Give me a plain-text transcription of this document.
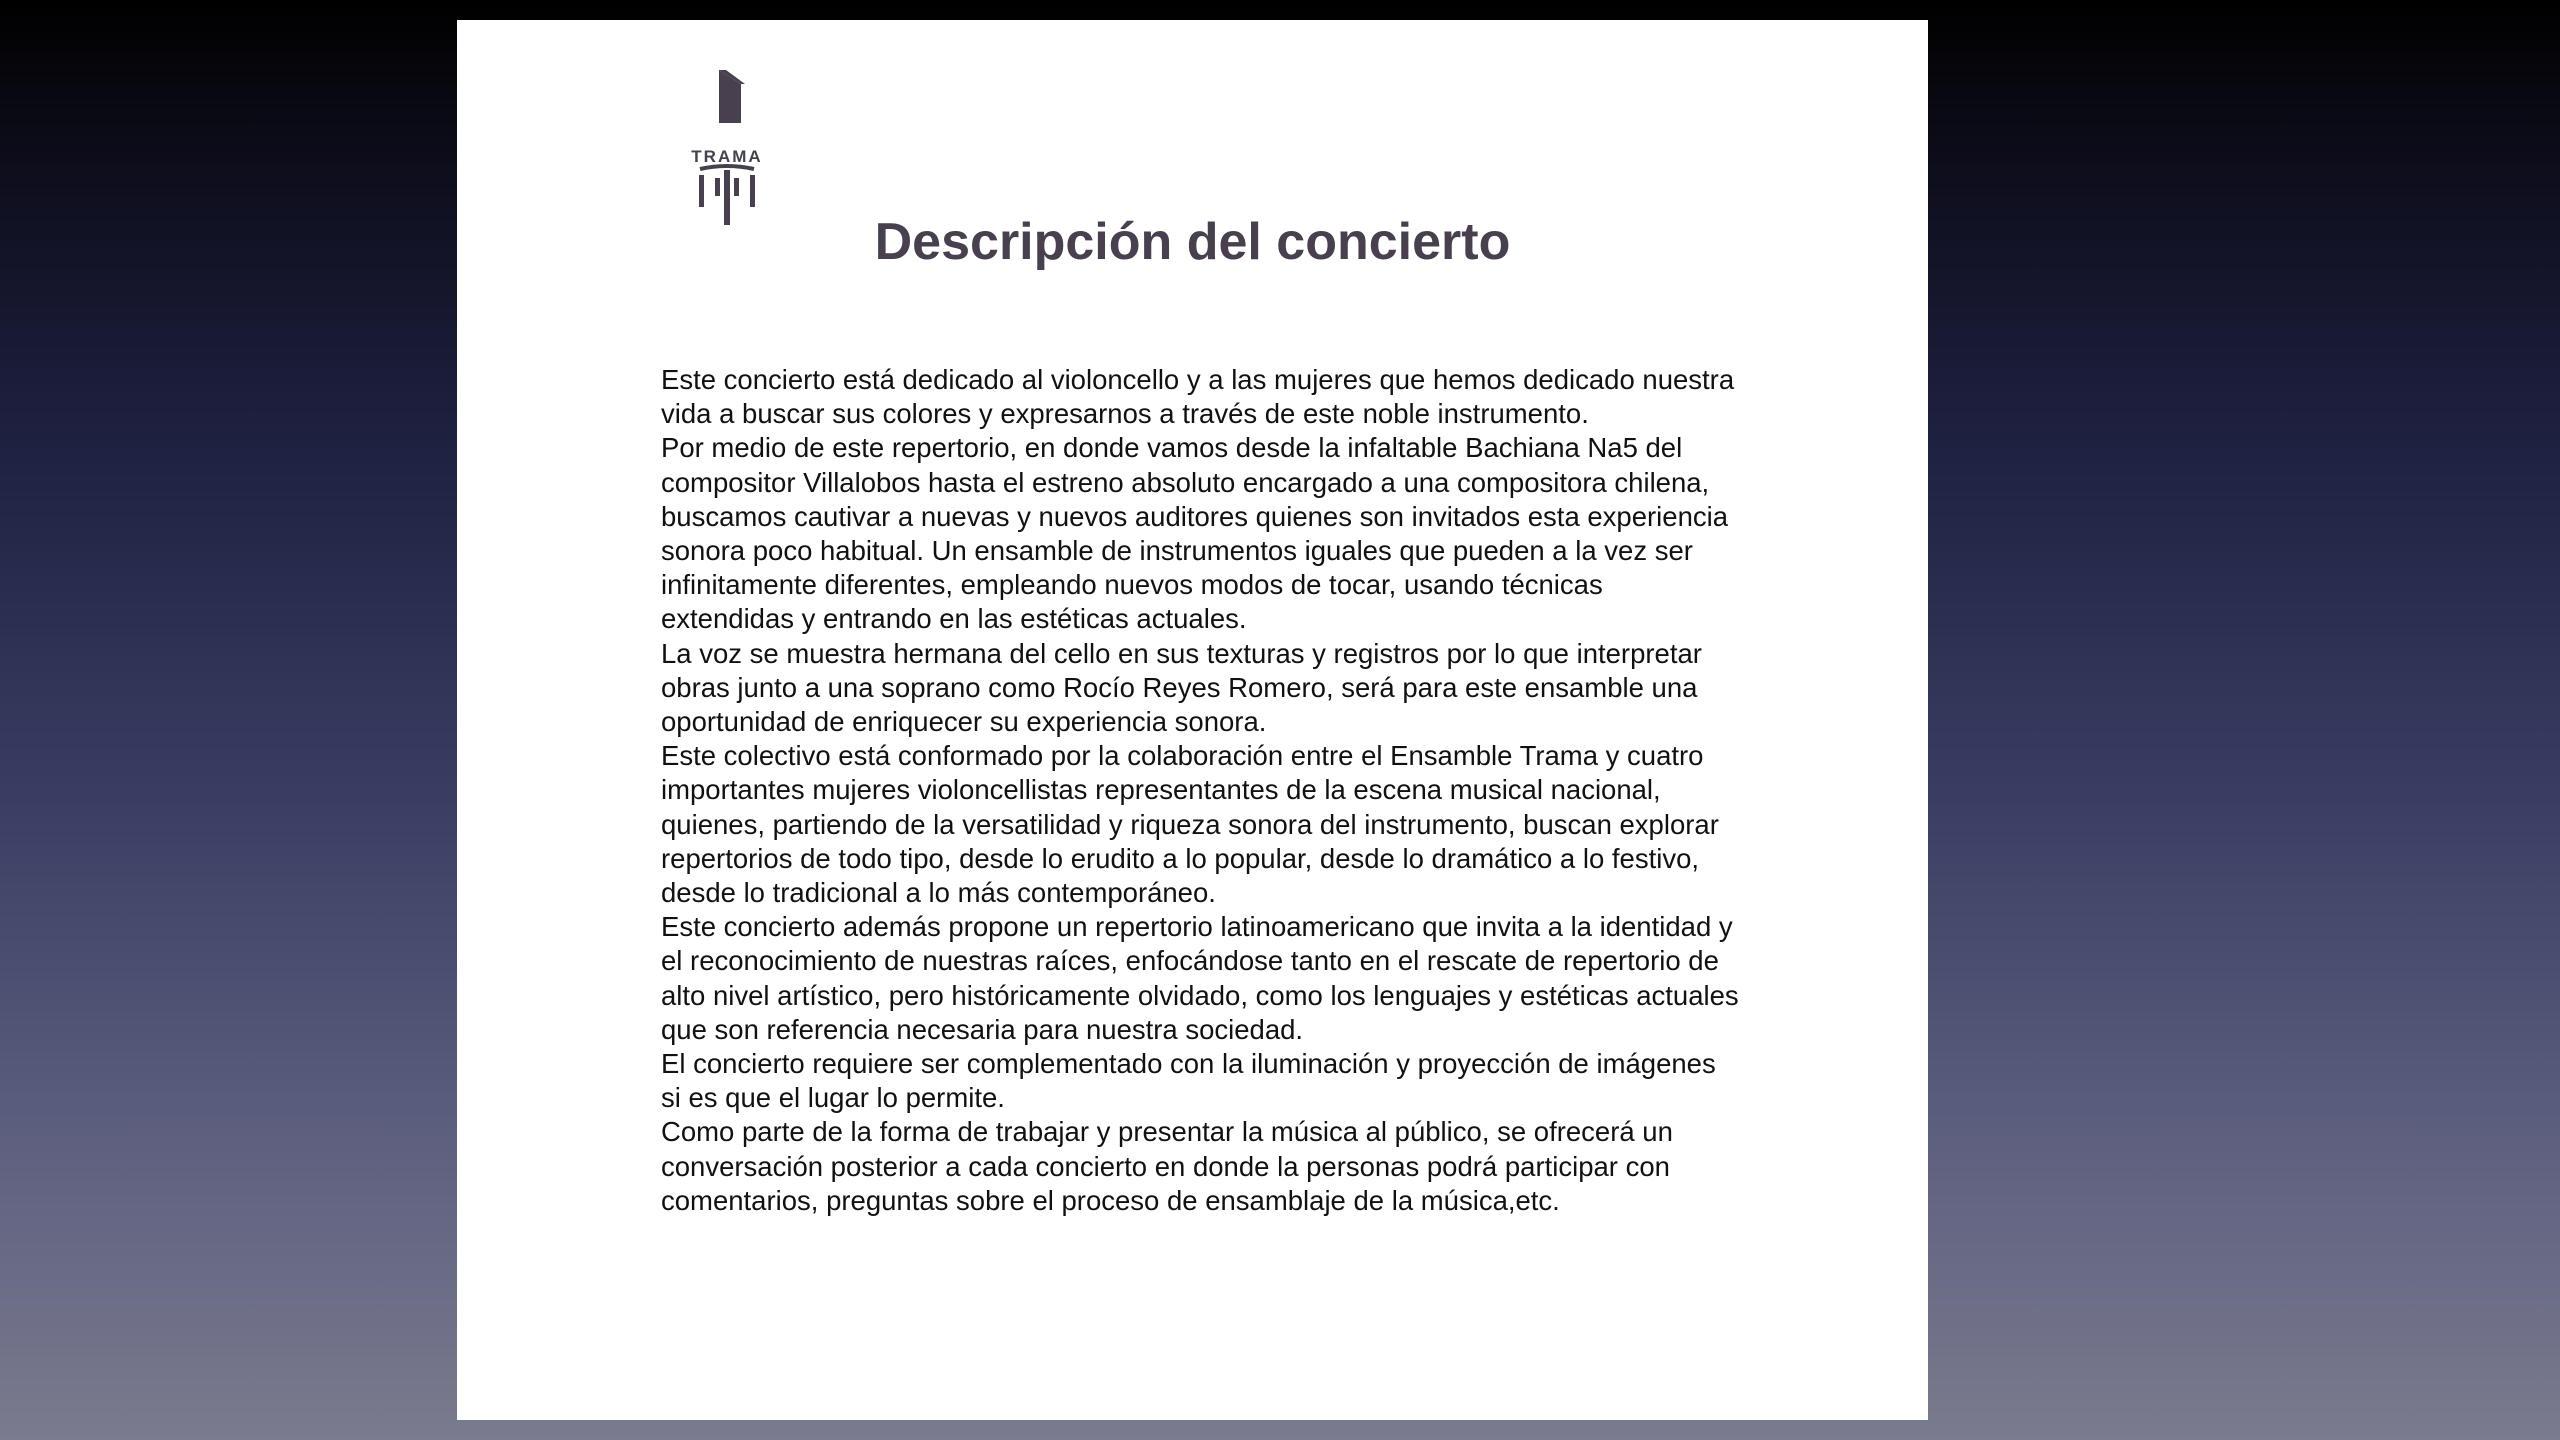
TRAMA
Descripción del concierto

Este concierto está dedicado al violoncello y a las mujeres que hemos dedicado nuestra vida a buscar sus colores y expresarnos a través de este noble instrumento.

Por medio de este repertorio, en donde vamos desde la infaltable Bachiana Na5 del compositor Villalobos hasta el estreno absoluto encargado a una compositora chilena, buscamos cautivar a nuevas y nuevos auditores quienes son invitados esta experiencia sonora poco habitual. Un ensamble de instrumentos iguales que pueden a la vez ser infinitamente diferentes, empleando nuevos modos de tocar, usando técnicas extendidas y entrando en las estéticas actuales.

La voz se muestra hermana del cello en sus texturas y registros por lo que interpretar obras junto a una soprano como Rocío Reyes Romero, será para este ensamble una oportunidad de enriquecer su experiencia sonora.

Este colectivo está conformado por la colaboración entre el Ensamble Trama y cuatro importantes mujeres violoncellistas representantes de la escena musical nacional, quienes, partiendo de la versatilidad y riqueza sonora del instrumento, buscan explorar repertorios de todo tipo, desde lo erudito a lo popular, desde lo dramático a lo festivo, desde lo tradicional a lo más contemporáneo.

Este concierto además propone un repertorio latinoamericano que invita a la identidad y el reconocimiento de nuestras raíces, enfocándose tanto en el rescate de repertorio de alto nivel artístico, pero históricamente olvidado, como los lenguajes y estéticas actuales que son referencia necesaria para nuestra sociedad.

El concierto requiere ser complementado con la iluminación y proyección de imágenes si es que el lugar lo permite.

Como parte de la forma de trabajar y presentar la música al público, se ofrecerá un conversación posterior a cada concierto en donde la personas podrá participar con comentarios, preguntas sobre el proceso de ensamblaje de la música,etc.
